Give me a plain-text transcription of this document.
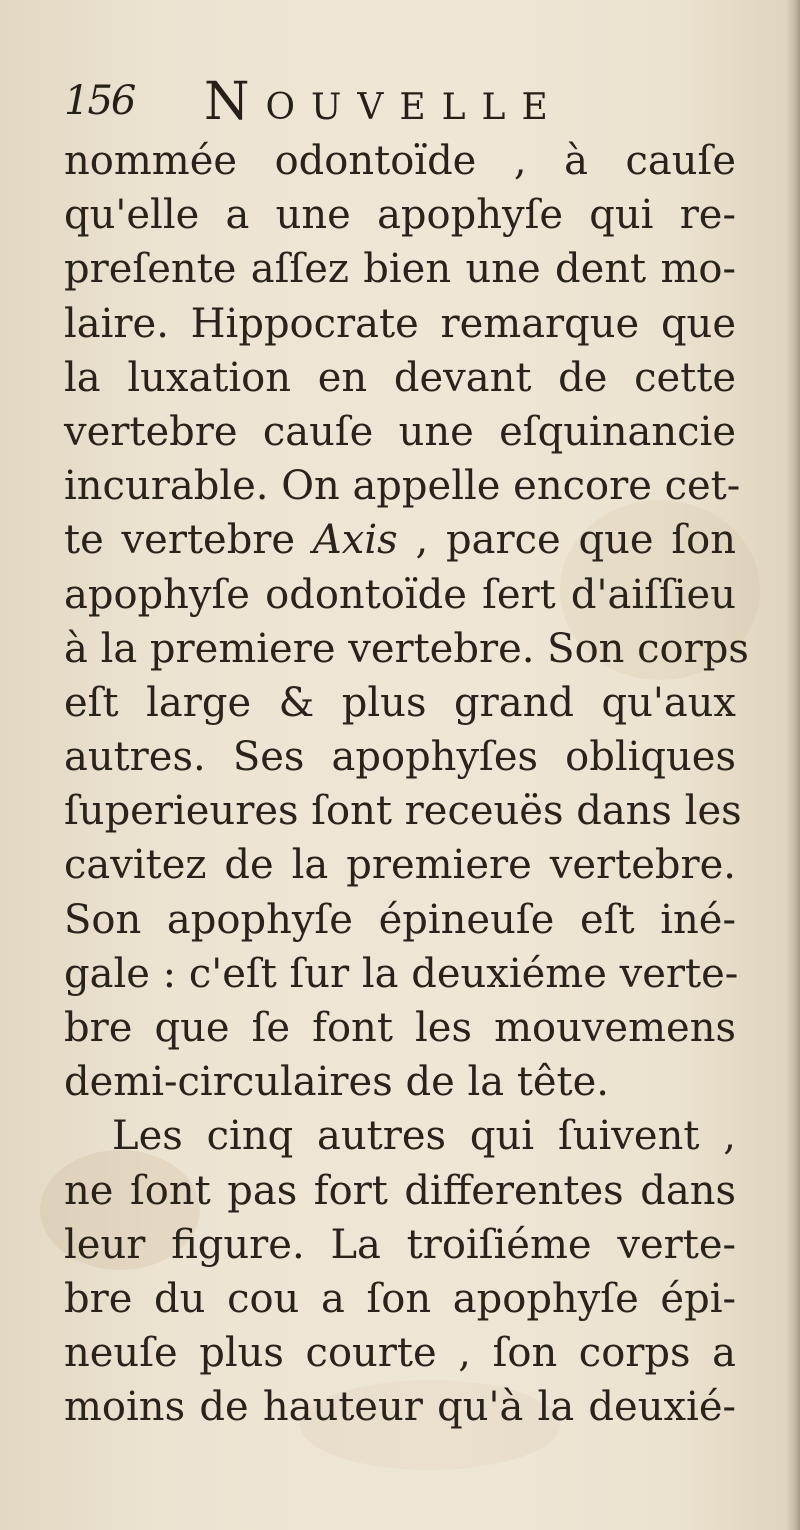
156 Nouvelle
nommée odontoïde , à cauſe
qu'elle a une apophyſe qui re-
preſente aſſez bien une dent mo-
laire. Hippocrate remarque que
la luxation en devant de cette
vertebre cauſe une eſquinancie
incurable. On appelle encore cet-
te vertebre Axis , parce que ſon
apophyſe odontoïde ſert d'aiſſieu
à la premiere vertebre. Son corps
eſt large & plus grand qu'aux
autres. Ses apophyſes obliques
ſuperieures ſont receuës dans les
cavitez de la premiere vertebre.
Son apophyſe épineuſe eſt iné-
gale : c'eſt ſur la deuxiéme verte-
bre que ſe font les mouvemens
demi-circulaires de la tête.
Les cinq autres qui ſuivent ,
ne ſont pas fort differentes dans
leur figure. La troiſiéme verte-
bre du cou a ſon apophyſe épi-
neuſe plus courte , ſon corps a
moins de hauteur qu'à la deuxié-
